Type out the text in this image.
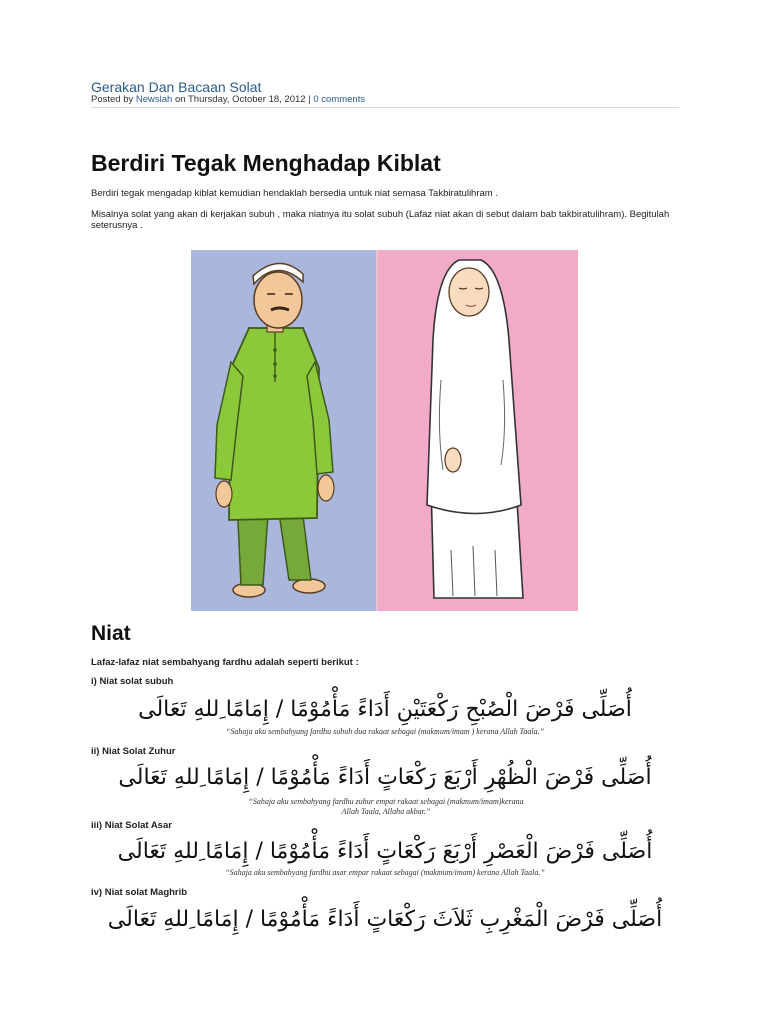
Gerakan Dan Bacaan Solat
Posted by Newslah on Thursday, October 18, 2012 | 0 comments
Berdiri Tegak Menghadap Kiblat
Berdiri tegak mengadap kiblat kemudian hendaklah bersedia untuk niat semasa Takbiratulihram .
Misalnya solat yang akan di kerjakan subuh , maka niatnya itu solat subuh (Lafaz niat akan di sebut dalam bab takbiratulihram). Begitulah seterusnya .
Niat
Lafaz-lafaz niat sembahyang fardhu adalah seperti berikut :
i) Niat solat subuh
أُصَلِّى فَرْضَ الْصُبْحِ رَكْعَتَيْنِ أَدَاءً مَأْمُوْمًا / إِمَامًا ِللهِ تَعَالَى
“Sahaja aku sembahyang fardhu subuh dua rakaat sebagai (makmum/imam ) kerana Allah Taala.”
ii) Niat Solat Zuhur
أُصَلِّى فَرْضَ الْظُهْرِ أَرْبَعَ رَكْعَاتٍ أَدَاءً مَأْمُوْمًا / إِمَامًا ِللهِ تَعَالَى
“Sahaja aku sembahyang fardhu zuhur empat rakaat sebagai (makmum/imam)kerana Allah Taala, Allahu akbar.”
iii) Niat Solat Asar
أُصَلِّى فَرْضَ الْعَصْرِ أَرْبَعَ رَكْعَاتٍ أَدَاءً مَأْمُوْمًا / إِمَامًا ِللهِ تَعَالَى
“Sahaja aku sembahyang fardhu asar empar rakaat sebagai (makmum/imam) kerana Allah Taala.”
iv) Niat solat Maghrib
أُصَلِّى فَرْضَ الْمَغْرِبِ ثَلاَثَ رَكْعَاتٍ أَدَاءً مَأْمُوْمًا / إِمَامًا ِللهِ تَعَالَى
